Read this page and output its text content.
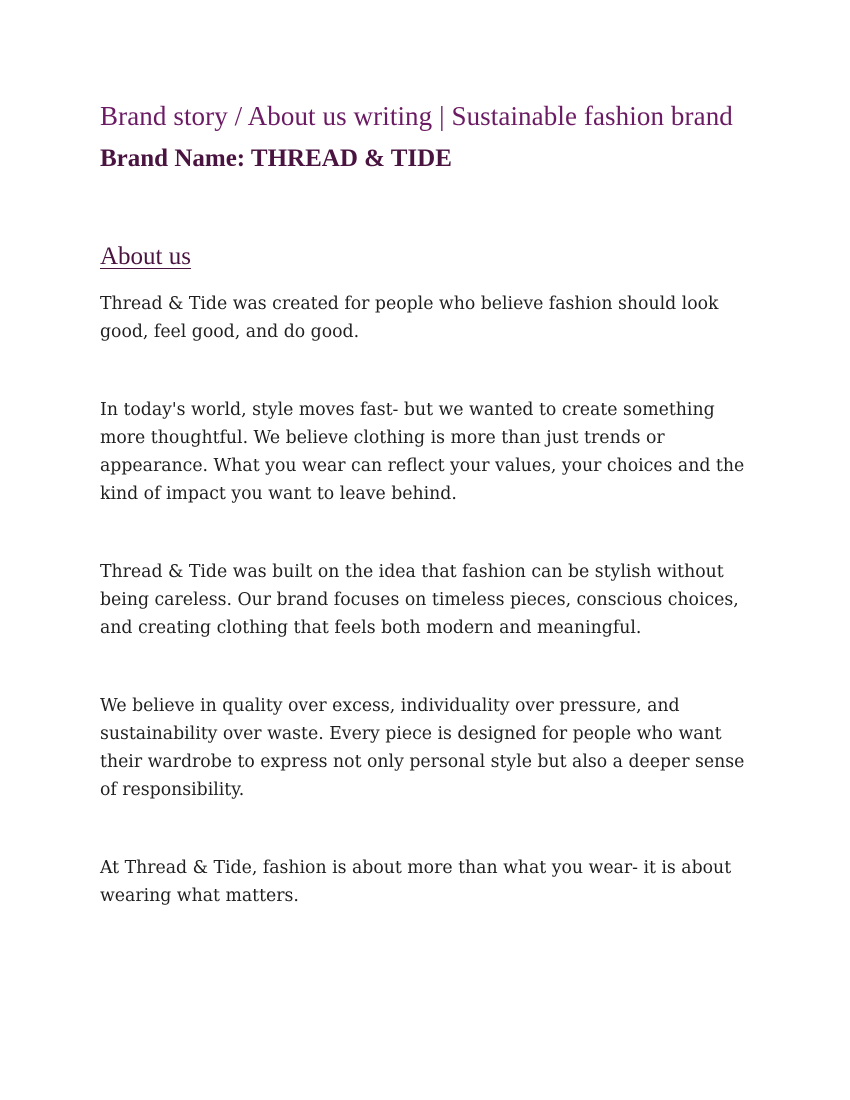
Brand story / About us writing | Sustainable fashion brand
Brand Name: THREAD & TIDE
About us

Thread & Tide was created for people who believe fashion should look good, feel good, and do good.

In today's world, style moves fast- but we wanted to create something more thoughtful. We believe clothing is more than just trends or appearance. What you wear can reflect your values, your choices and the kind of impact you want to leave behind.

Thread & Tide was built on the idea that fashion can be stylish without being careless. Our brand focuses on timeless pieces, conscious choices, and creating clothing that feels both modern and meaningful.

We believe in quality over excess, individuality over pressure, and sustainability over waste. Every piece is designed for people who want their wardrobe to express not only personal style but also a deeper sense of responsibility.

At Thread & Tide, fashion is about more than what you wear- it is about wearing what matters.
